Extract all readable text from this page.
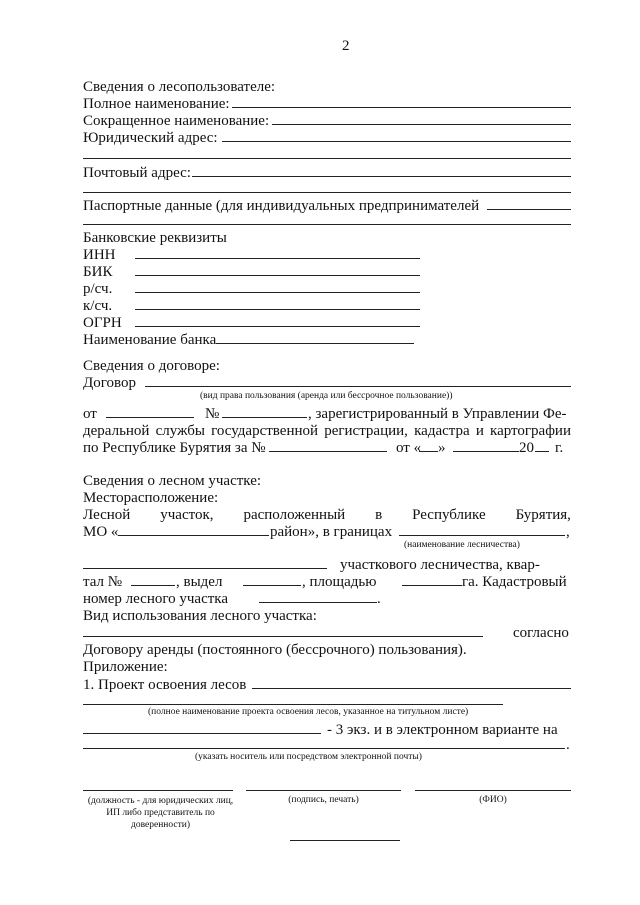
2
Сведения о лесопользователе:
Полное наименование:
Сокращенное наименование:
Юридический адрес:
Почтовый адрес:
Паспортные данные (для индивидуальных предпринимателей
Банковские реквизиты
ИНН
БИК
р/сч.
к/сч.
ОГРН
Наименование банка
Сведения о договоре:
Договор
(вид права пользования (аренда или бессрочное пользование))
от	№	, зарегистрированный в Управлении Фе-
деральной службы государственной регистрации, кадастра и картографии
по Республике Бурятия за №	от « »	20 г.
Сведения о лесном участке:
Месторасположение:
Лесной участок, расположенный в Республике Бурятия,
МО «	район», в границах	,
(наименование лесничества)
участкового лесничества, квар-
тал №	, выдел	, площадью	га. Кадастровый
номер лесного участка	.
Вид использования лесного участка:
согласно
Договору аренды (постоянного (бессрочного) пользования).
Приложение:
1. Проект освоения лесов
(полное наименование проекта освоения лесов, указанное на титульном листе)
- 3 экз. и в электронном варианте на
.
(указать носитель или посредством электронной почты)
(должность - для юридических лиц, ИП либо представитель по доверенности)
(подпись, печать)	(ФИО)
